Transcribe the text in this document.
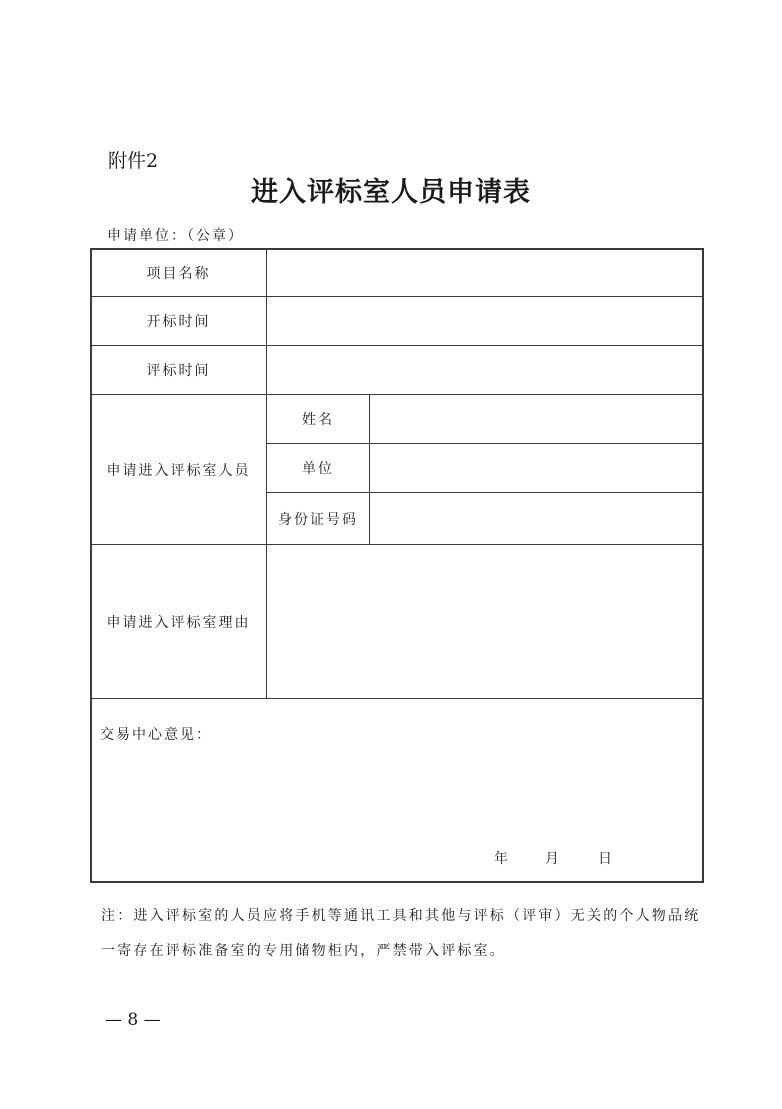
附件2
进入评标室人员申请表
申请单位：（公章）
项目名称
开标时间
评标时间
申请进入评标室人员
姓名
单位
身份证号码
申请进入评标室理由
交易中心意见：
年	月	日
注：进入评标室的人员应将手机等通讯工具和其他与评标（评审）无关的个人物品统
一寄存在评标准备室的专用储物柜内，严禁带入评标室。
— 8 —
